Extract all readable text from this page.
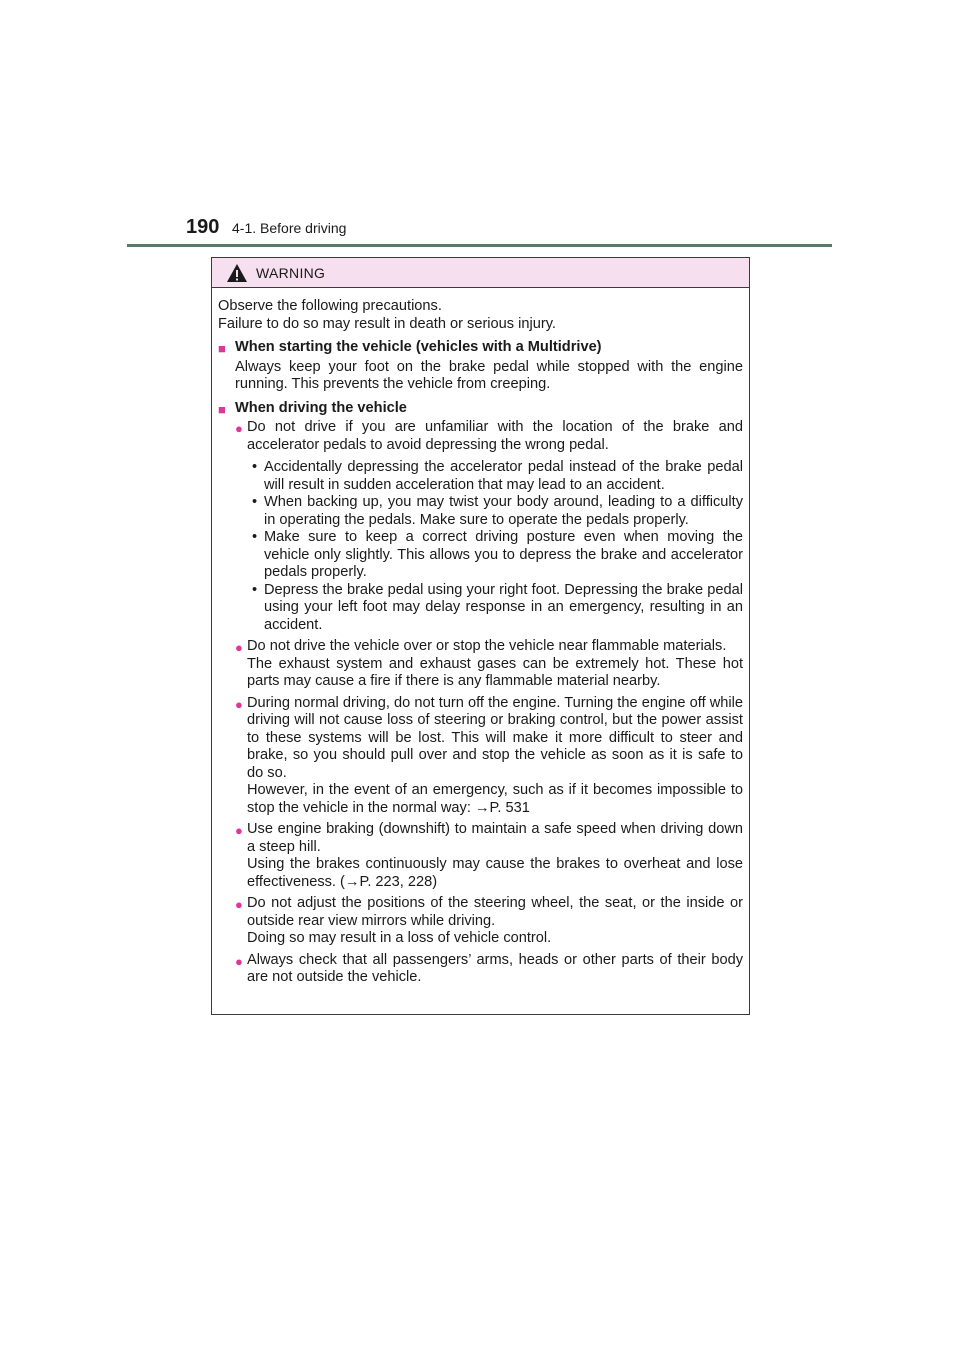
190 4-1. Before driving
WARNING

Observe the following precautions.

Failure to do so may result in death or serious injury.

■ When starting the vehicle (vehicles with a Multidrive)

Always keep your foot on the brake pedal while stopped with the engine running. This prevents the vehicle from creeping.

■ When driving the vehicle
● Do not drive if you are unfamiliar with the location of the brake and accelerator pedals to avoid depressing the wrong pedal.

• Accidentally depressing the accelerator pedal instead of the brake pedal will result in sudden acceleration that may lead to an accident.
• When backing up, you may twist your body around, leading to a difficulty in operating the pedals. Make sure to operate the pedals properly.
• Make sure to keep a correct driving posture even when moving the vehicle only slightly. This allows you to depress the brake and accelerator pedals properly.
• Depress the brake pedal using your right foot. Depressing the brake pedal using your left foot may delay response in an emergency, resulting in an accident.
● Do not drive the vehicle over or stop the vehicle near flammable materials.

The exhaust system and exhaust gases can be extremely hot. These hot parts may cause a fire if there is any flammable material nearby.

● During normal driving, do not turn off the engine. Turning the engine off while driving will not cause loss of steering or braking control, but the power assist to these systems will be lost. This will make it more difficult to steer and brake, so you should pull over and stop the vehicle as soon as it is safe to do so.

However, in the event of an emergency, such as if it becomes impossible to stop the vehicle in the normal way: →P. 531

● Use engine braking (downshift) to maintain a safe speed when driving down a steep hill.

Using the brakes continuously may cause the brakes to overheat and lose effectiveness. (→P. 223, 228)

● Do not adjust the positions of the steering wheel, the seat, or the inside or outside rear view mirrors while driving.

Doing so may result in a loss of vehicle control.

● Always check that all passengers’ arms, heads or other parts of their body are not outside the vehicle.
